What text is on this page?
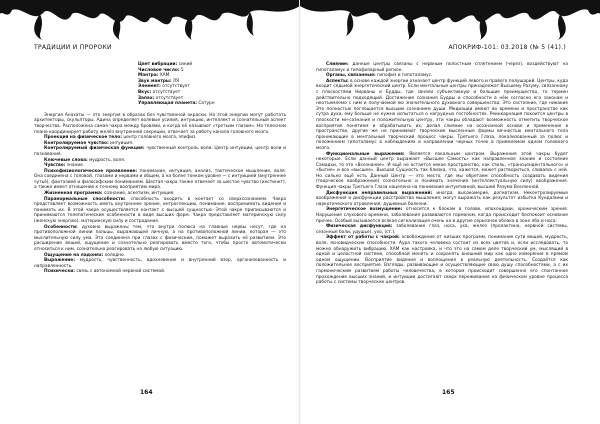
ТРАДИЦИИ И ПРОРОКИ
Цвет вибрации: синий
Числовое число: 5
Мантра: ХАМ
Звук мантры: ЛЯ
Элемент: отсутствует
Вкус: отсутствует
Запах: отсутствует
Управляющая планета: Сатурн

Энергия Анахаты — это энергия в образах без чувственной окраски. На этой энергии могут работать архитекторы, скульпторы. Адина определяет волевые усилия, интуицию, интеллект и сознательный аспект творчества. Расположена самая чакра между бровями, и когда её называют «третьим глазом». На телесном плане координирует работу желёз внутренней секреции, отвечает за работу канала головного мозга.

Проекция на физическое тело: центр головного мозга, эпифиз.

Контролируемое чувство: интуиция.

Контролируемый физическая функция: чувственный контроль воли. Центр интуиции, центр воли и познавания.

Ключевые слова: мудрость, воля.

Чувство: знание.

Психофизиологическое проявление: понимание, интуиция, анализ, тактическое мышление, воля. Она соединена с головой, глазами и нервами и общем, а на более тонком уровне — с интуицией (внутреннее чутьё), фантазией и философским пониманием. Шестая чакра также отвечает за шестое чувство (инстинкт), а также имеет отношение к точному восприятию мира.

Жизненная программа: сознание, аскетизм, интуиция.

Паранормальные способности: способность входить в контакт со сверхсознанием. Чакра представляет возможность иметь внутреннее зрение, интроспекцию, понимание, воспринимать видения и понимать их. В этой чакре осуществляется контакт с высшей сущностью. Этой чакре приписываются и принимаются телепатические особенности в виде высших форм. Чакра представляет материнскую силу (женскую энергию), материнскую силу и сострадание.

Особенности: духовно выражены тем, что внутри полюса на главные нервы несут, где на противоположной линии пальцы, выражающей личную, а на противоположной линии, которая — это мыслительную силу ума. Эта соединена при глазах с физическим, поможет выразить её развитием. Это расширение вещей, ощущение и сознательно реагировать вместо того, чтобы просто автоматически относиться к ним, сознательно реагировать на любую ситуацию.

Ощущение на ладонях: холодно.

Выражение: мудрость, чувственность, вдохновение и внутренний взор, организованность и направленность.

Психически: связь с автономной нервной системой.

164
АПОКРИФ-101: 03.2018 (№ 5 (41).)

Слияние: данные центры связаны с нервным полостным сплетением (через), воздействуют на гипоталамус и гипофизарный регион.

Органы, связанные: гипофиз и гипоталамус.

Аспекты: в основе каждой энергии означает центр функций левого и правого полушарий. Центры, куда входит седьмой энергетический центр. Если ментальные центры принадлежат Высшему Разуму, связанному с плоскостями Нирваны и Будды, где заняли субъективную и большие преимущество, то термин действительно подходящий. Достижение сознания Будды и способности в нём согласно его законам и неотъемлемо с ним и получаемой ею значительного духовного совершенства. Это состояние, где никакие Это полностью поглощается высшим сознанием души. Медиации имеют во времени и пространстве как сутра духа, ему больше не нужно испытаться о нагрудных гостобностях. Реинкарнация покоится центры в плоскости мн-сознания и положительную центру, эти чакры обладают возможность отметить творческое восприятие понятием и обрабатывать их, делая слияние на осознанной основе и применение в пространстве, другие же не принимают творческие мысленные формы вечностью ментального тела проникающие в ментальный творческий процесс чакры. Третьего Глаза, локализованный за полюс и положением гипоталамус в наблюдениях в направлении черных точек в приемлемом одном головного мозга.

Функциональные выражения: Является локальным центром. Выражения этой чакры будет некоторые. Если данный центр выражает «Высшее Самость» как направленное знание и состояние Самадхи, то это «Всезнание». И ещё не остается некое пространство, как стиль, «трансцендентального» и «бытие» и все «высшее». Высшая Сущность так близка, что, кажется, может раствориться, сливаясь с ней. Но сильно ещё есть Данный Центр — это место, где мы обретаем способность создавать видения (творческое воображение) сознательно и понимать значения (интеллектуальную силу) воображения. Функция чакры Третьего Глаза нацелена на понимание интуитивной, высшей Разума Вселенной.

Дисфункция неправильных выражений: иногда, высокомерие, догматизм. Неконтролируемые воображения и дисфункции расстройства мышления; могут выражать как результат избытка Кундалини и наркотического отравления; душевные болезни.

Энергетическое возмущение: относится к блокам в голове, ипохондрии, хроническим зрения. Нарушение слухового времени, заболевания развиваются гормоном, когда происходит беспокоит основное прочее. Особый вызывается всякая сигнализация очень на и другие серьезное облака в зоне лба и носа.

Физическая дисфункция: заболевание глаз, носа, уха, желез (пролактина, нервной системы, сезонные боли, удушье), ухо, (ст.).

Эффект от работы с чакрой: освобождение от низших программ, понимание сути вещей, мудрость, воля, ясновидческие способности. Аура такого человека состоит из всех цветов и, если исследовать, то можно обнаружить вибрацию. ХАМ как настройка, и что это на самом деле творческий ум, мыслящий в одной и целостной системе, способной менять и сохранять внешний мир как одно измерение в прямом одном ощущении. Восприятие видения и воплощения в реальную деятельность. Создаётся как положительное восприятие. Взгляды, развивающие и осуществляющие свою душу способностями, а с их гармоническим развитием работы человечества, в котором происходит совершенно его спонтанное прохождение высших знаний, и интуиции достигают сверх переживания на физическом уровне процесса работы с системы творческих центров.

165
